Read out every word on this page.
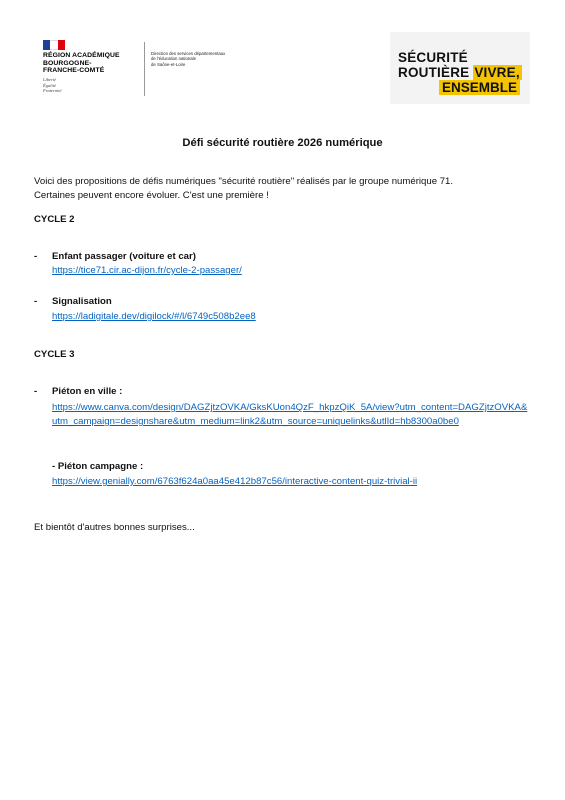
RÉGION ACADÉMIQUE
BOURGOGNE-
FRANCHE-COMTÉ
Liberté
Égalité
Fraternité
Direction des services départementaux
de l'éducation nationale
de Saône-et-Loire	SÉCURITÉ
ROUTIÈRE VIVRE,
ENSEMBLE
Défi sécurité routière 2026 numérique
Voici des propositions de défis numériques "sécurité routière" réalisés par le groupe numérique 71.
Certaines peuvent encore évoluer. C'est une première !
CYCLE 2
- Enfant passager (voiture et car)
https://tice71.cir.ac-dijon.fr/cycle-2-passager/
- Signalisation
https://ladigitale.dev/digilock/#/l/6749c508b2ee8
CYCLE 3
- Piéton en ville :
https://www.canva.com/design/DAGZjtzOVKA/GksKUon4QzF_hkpzQiK_5A/view?utm_content=DAGZjtzOVKA&utm_campaign=designshare&utm_medium=link2&utm_source=uniquelinks&utlId=hb8300a0be0
- Piéton campagne :
https://view.genially.com/6763f624a0aa45e412b87c56/interactive-content-quiz-trivial-ii
Et bientôt d'autres bonnes surprises...
